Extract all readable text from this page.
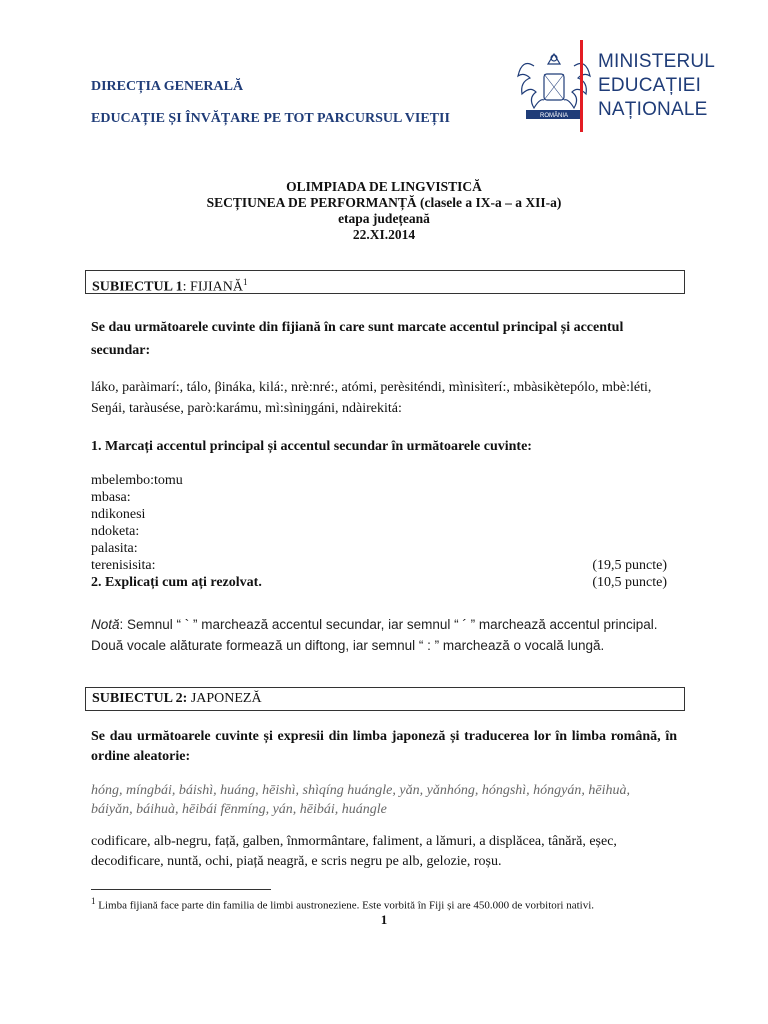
DIRECȚIA GENERALĂ
EDUCAȚIE ȘI ÎNVĂȚARE PE TOT PARCURSUL VIEȚII	ROMÂNIA
MINISTERUL
EDUCAȚIEI
NAȚIONALE
OLIMPIADA DE LINGVISTICĂ
SECȚIUNEA DE PERFORMANȚĂ (clasele a IX-a – a XII-a)
etapa județeană
22.XI.2014
SUBIECTUL 1: FIJIANĂ$^1$
Se dau următoarele cuvinte din fijiană în care sunt marcate accentul principal și accentul secundar:
láko, paràimarí:, tálo, βináka, kilá:, nrè:nré:, atómi, perèsiténdi, mìnisìterí:, mbàsikètepólo, mbè:léti, Seŋái, taràusése, parò:karámu, mì:sìniŋgáni, ndàirekitá:
1. Marcați accentul principal și accentul secundar în următoarele cuvinte:
mbelembo:tomu
mbasa:
ndikonesi
ndoketa:
palasita:
terenisisita:	(19,5 puncte)
2. Explicați cum ați rezolvat.	(10,5 puncte)
Notă: Semnul “ ` ” marchează accentul secundar, iar semnul “ ´ ” marchează accentul principal.
Două vocale alăturate formează un diftong, iar semnul “ : ” marchează o vocală lungă.
SUBIECTUL 2: JAPONEZĂ
Se dau următoarele cuvinte și expresii din limba japoneză și traducerea lor în limba română, în ordine aleatorie:
hóng, míngbái, báishì, huáng, hēishì, shìqíng huángle, yǎn, yǎnhóng, hóngshì, hóngyán, hēihuà,
báiyǎn, báihuà, hēibái fēnmíng, yán, hēibái, huángle
codificare, alb-negru, față, galben, înmormântare, faliment, a lămuri, a displăcea, tânără, eșec,
decodificare, nuntă, ochi, piață neagră, e scris negru pe alb, gelozie, roșu.
$^1$ Limba fijiană face parte din familia de limbi austroneziene. Este vorbită în Fiji și are 450.000 de vorbitori nativi.
1
